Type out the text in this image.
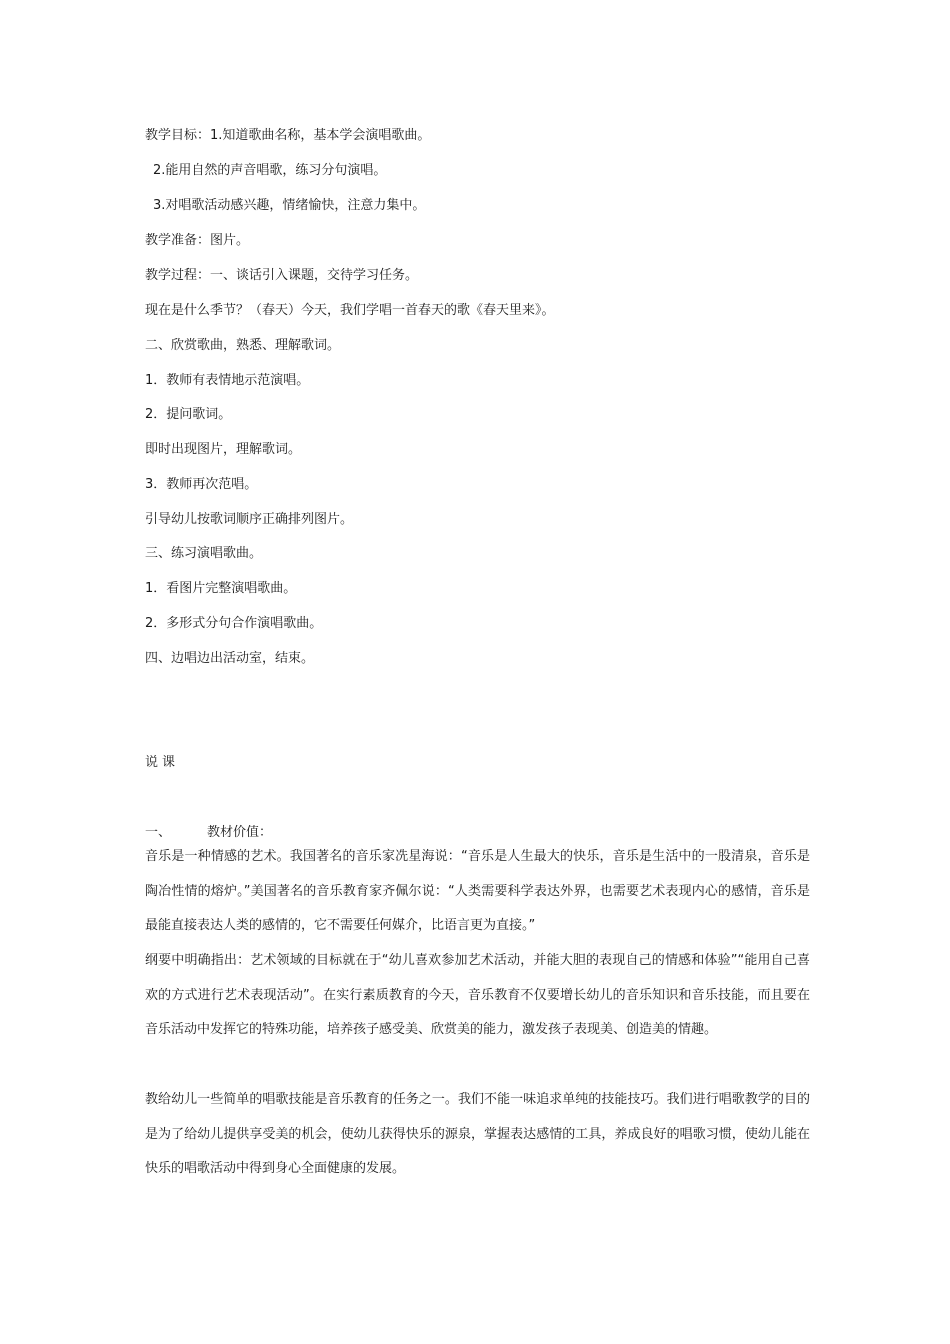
教学目标：1.知道歌曲名称，基本学会演唱歌曲。
2.能用自然的声音唱歌，练习分句演唱。
3.对唱歌活动感兴趣，情绪愉快，注意力集中。
教学准备：图片。
教学过程：一、谈话引入课题，交待学习任务。
现在是什么季节？（春天）今天，我们学唱一首春天的歌《春天里来》。
二、欣赏歌曲，熟悉、理解歌词。
1．教师有表情地示范演唱。
2．提问歌词。
即时出现图片，理解歌词。
3．教师再次范唱。
引导幼儿按歌词顺序正确排列图片。
三、练习演唱歌曲。
1．看图片完整演唱歌曲。
2．多形式分句合作演唱歌曲。
四、边唱边出活动室，结束。
说课
一、	教材价值：
音乐是一种情感的艺术。我国著名的音乐家冼星海说：“音乐是人生最大的快乐，音乐是生活中的一股清泉，音乐是陶冶性情的熔炉。”美国著名的音乐教育家齐佩尔说：“人类需要科学表达外界，也需要艺术表现内心的感情，音乐是最能直接表达人类的感情的，它不需要任何媒介，比语言更为直接。”
纲要中明确指出：艺术领域的目标就在于“幼儿喜欢参加艺术活动，并能大胆的表现自己的情感和体验”“能用自己喜欢的方式进行艺术表现活动”。在实行素质教育的今天，音乐教育不仅要增长幼儿的音乐知识和音乐技能，而且要在音乐活动中发挥它的特殊功能，培养孩子感受美、欣赏美的能力，激发孩子表现美、创造美的情趣。
教给幼儿一些简单的唱歌技能是音乐教育的任务之一。我们不能一味追求单纯的技能技巧。我们进行唱歌教学的目的是为了给幼儿提供享受美的机会，使幼儿获得快乐的源泉，掌握表达感情的工具，养成良好的唱歌习惯，使幼儿能在快乐的唱歌活动中得到身心全面健康的发展。
